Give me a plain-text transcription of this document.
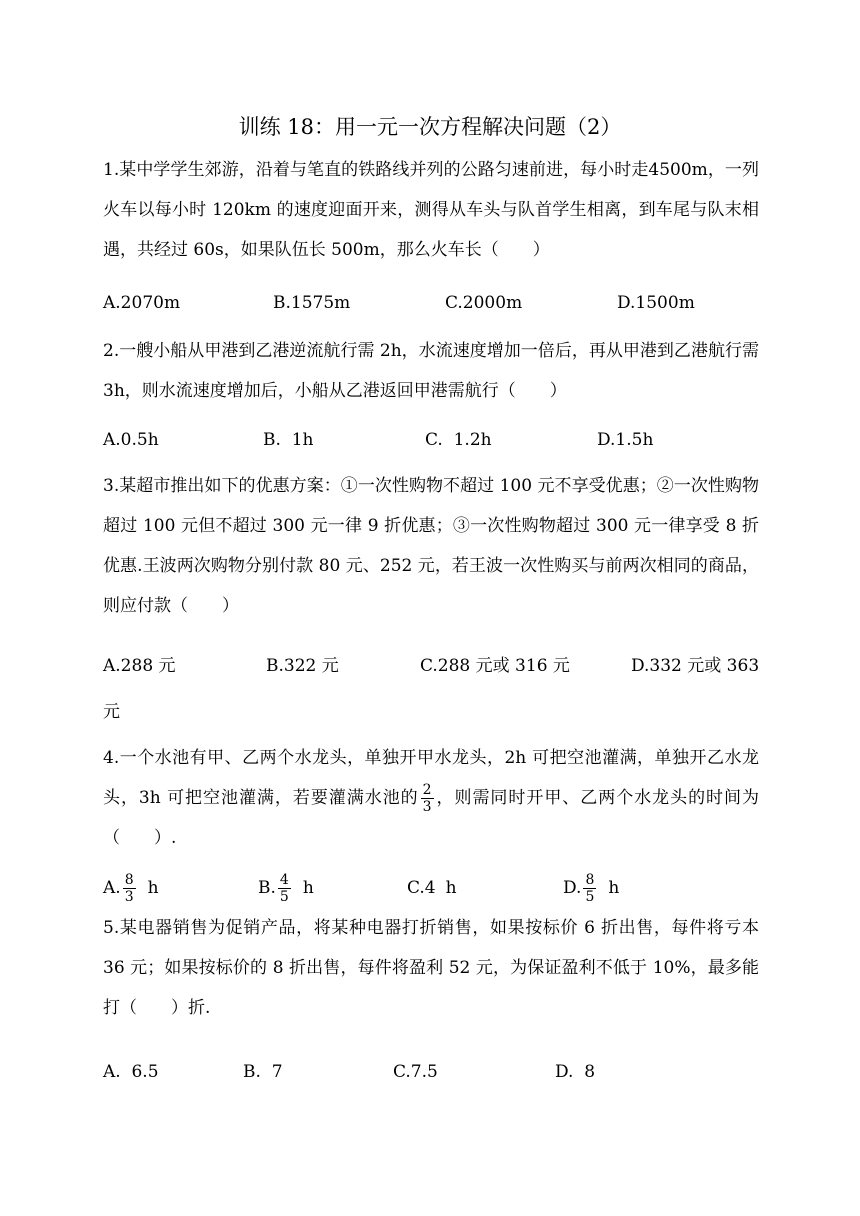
训练 18：用一元一次方程解决问题（2）

1.某中学学生郊游，沿着与笔直的铁路线并列的公路匀速前进，每小时走4500m，一列火车以每小时 120km 的速度迎面开来，测得从车头与队首学生相离，到车尾与队末相遇，共经过 60s，如果队伍长 500m，那么火车长（　　）

A.2070m	B.1575m	C.2000m	D.1500m

2.一艘小船从甲港到乙港逆流航行需 2h，水流速度增加一倍后，再从甲港到乙港航行需 3h，则水流速度增加后，小船从乙港返回甲港需航行（　　）

A.0.5h	B.  1h	C.  1.2h	D.1.5h

3.某超市推出如下的优惠方案：①一次性购物不超过 100 元不享受优惠；②一次性购物超过 100 元但不超过 300 元一律 9 折优惠；③一次性购物超过 300 元一律享受 8 折优惠.王波两次购物分别付款 80 元、252 元，若王波一次性购买与前两次相同的商品，则应付款（　　）

A.288 元	B.322 元	C.288 元或 316 元	D.332 元或 363
元

4.一个水池有甲、乙两个水龙头，单独开甲水龙头，2h 可把空池灌满，单独开乙水龙头，3h 可把空池灌满，若要灌满水池的 $\frac{2}{3}$ ，则需同时开甲、乙两个水龙头的时间为（　　）.

A. $\frac{8}{3}$ h	B. $\frac{4}{5}$ h	C.4 h	D. $\frac{8}{5}$ h

5.某电器销售为促销产品，将某种电器打折销售，如果按标价 6 折出售，每件将亏本 36 元；如果按标价的 8 折出售，每件将盈利 52 元，为保证盈利不低于 10%，最多能打（　　）折.

A.  6.5	B.  7	C.7.5	D.  8
